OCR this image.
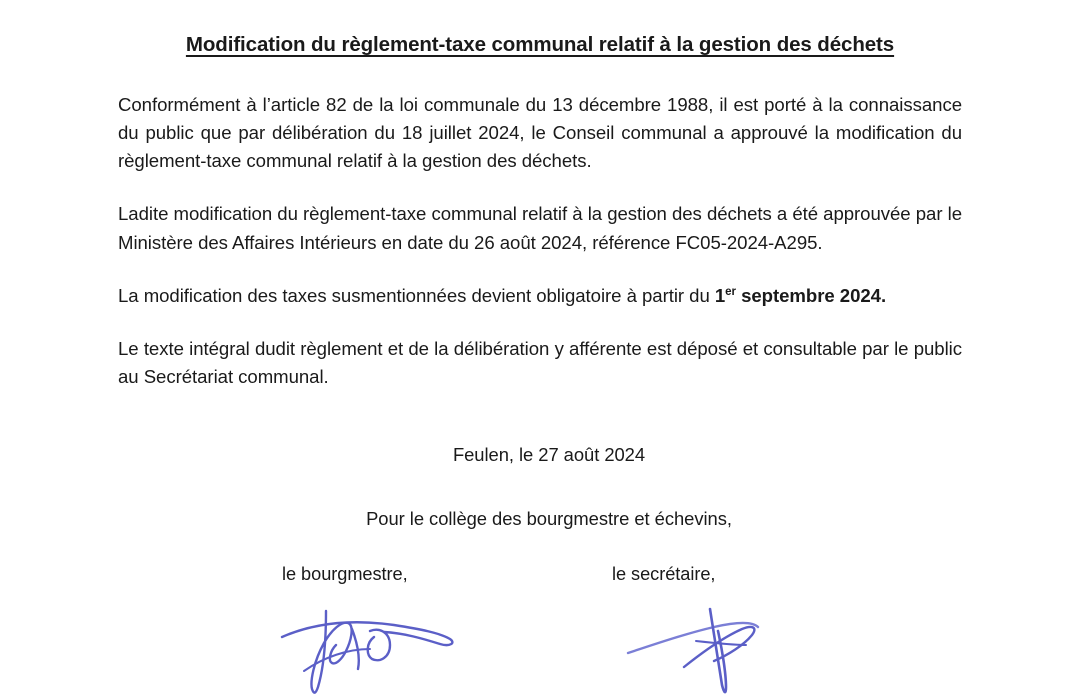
Modification du règlement-taxe communal relatif à la gestion des déchets

Conformément à l’article 82 de la loi communale du 13 décembre 1988, il est porté à la connaissance du public que par délibération du 18 juillet 2024, le Conseil communal a approuvé la modification du règlement-taxe communal relatif à la gestion des déchets.

Ladite modification du règlement-taxe communal relatif à la gestion des déchets a été approuvée par le Ministère des Affaires Intérieurs en date du 26 août 2024, référence FC05-2024-A295.

La modification des taxes susmentionnées devient obligatoire à partir du 1er septembre 2024.

Le texte intégral dudit règlement et de la délibération y afférente est déposé et consultable par le public au Secrétariat communal.

Feulen, le 27 août 2024
Pour le collège des bourgmestre et échevins,
le bourgmestre,	le secrétaire,
